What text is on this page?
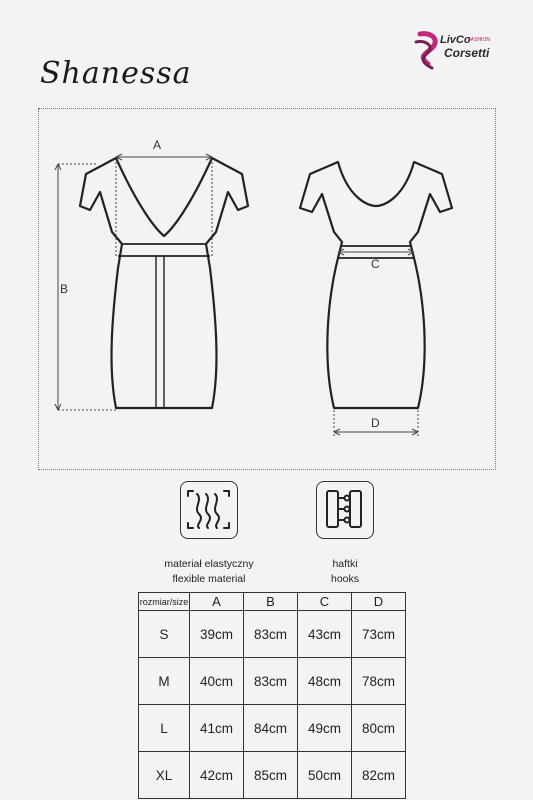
Shanessa
LivCo
FASHION
Corsetti
A
B
C
D
materiał elastyczny
flexible material
haftki
hooks
rozmiar/size	A	B	C	D
S	39cm	83cm	43cm	73cm
M	40cm	83cm	48cm	78cm
L	41cm	84cm	49cm	80cm
XL	42cm	85cm	50cm	82cm
